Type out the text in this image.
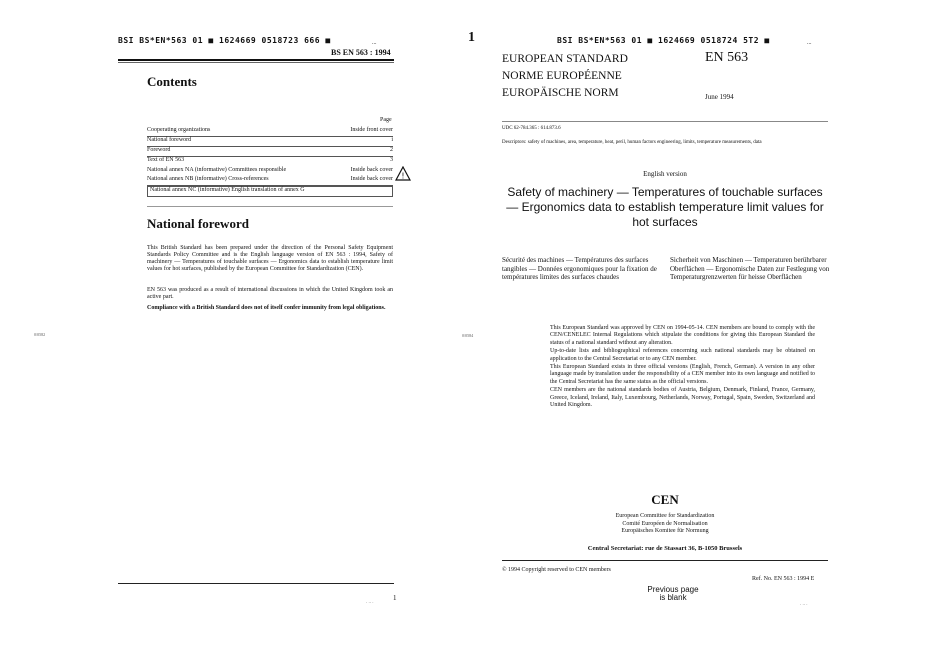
BSI BS*EN*563 01 ■ 1624669 0518723 666 ■	...
BS EN 563 : 1994
Contents
Page
Cooperating organizations	Inside front cover
National foreword	i
Foreword	2
Text of EN 563	3
National annex NA (informative) Committees responsible	Inside back cover
National annex NB (informative) Cross-references	Inside back cover
National annex NC (informative) English translation of annex G
!
National foreword
This British Standard has been prepared under the direction of the Personal Safety Equipment Standards Policy Committee and is the English language version of EN 563 : 1994, Safety of machinery — Temperatures of touchable surfaces — Ergonomics data to establish temperature limit values for hot surfaces, published by the European Committee for Standardization (CEN).
EN 563 was produced as a result of international discussions in which the United Kingdom took an active part.
Compliance with a British Standard does not of itself confer immunity from legal obligations.
0/0582
. .. .
1
1	BSI BS*EN*563 01 ■ 1624669 0518724 5T2 ■	...
EUROPEAN STANDARD
NORME EUROPÉENNE
EUROPÄISCHE NORM
EN 563
June 1994
UDC 62-784.365 : 614.873.6
Descriptors: safety of machines, area, temperature, heat, peril, human factors engineering, limits, temperature measurements, data
English version
Safety of machinery — Temperatures of touchable surfaces — Ergonomics data to establish temperature limit values for hot surfaces
Sécurité des machines — Températures des surfaces tangibles — Données ergonomiques pour la fixation de températures limites des surfaces chaudes
Sicherheit von Maschinen — Temperaturen berührbarer Oberflächen — Ergonomische Daten zur Festlegung von Temperaturgrenzwerten für heisse Oberflächen
0/0584
This European Standard was approved by CEN on 1994-05-14. CEN members are bound to comply with the CEN/CENELEC Internal Regulations which stipulate the conditions for giving this European Standard the status of a national standard without any alteration.
Up-to-date lists and bibliographical references concerning such national standards may be obtained on application to the Central Secretariat or to any CEN member.
This European Standard exists in three official versions (English, French, German). A version in any other language made by translation under the responsibility of a CEN member into its own language and notified to the Central Secretariat has the same status as the official versions.
CEN members are the national standards bodies of Austria, Belgium, Denmark, Finland, France, Germany, Greece, Iceland, Ireland, Italy, Luxembourg, Netherlands, Norway, Portugal, Spain, Sweden, Switzerland and United Kingdom.
CEN
European Committee for Standardization
Comité Européen de Normalisation
Europäisches Komitee für Normung
Central Secretariat: rue de Stassart 36, B-1050 Brussels
© 1994 Copyright reserved to CEN members
Ref. No. EN 563 : 1994 E
Previous page
is blank
. .. .
